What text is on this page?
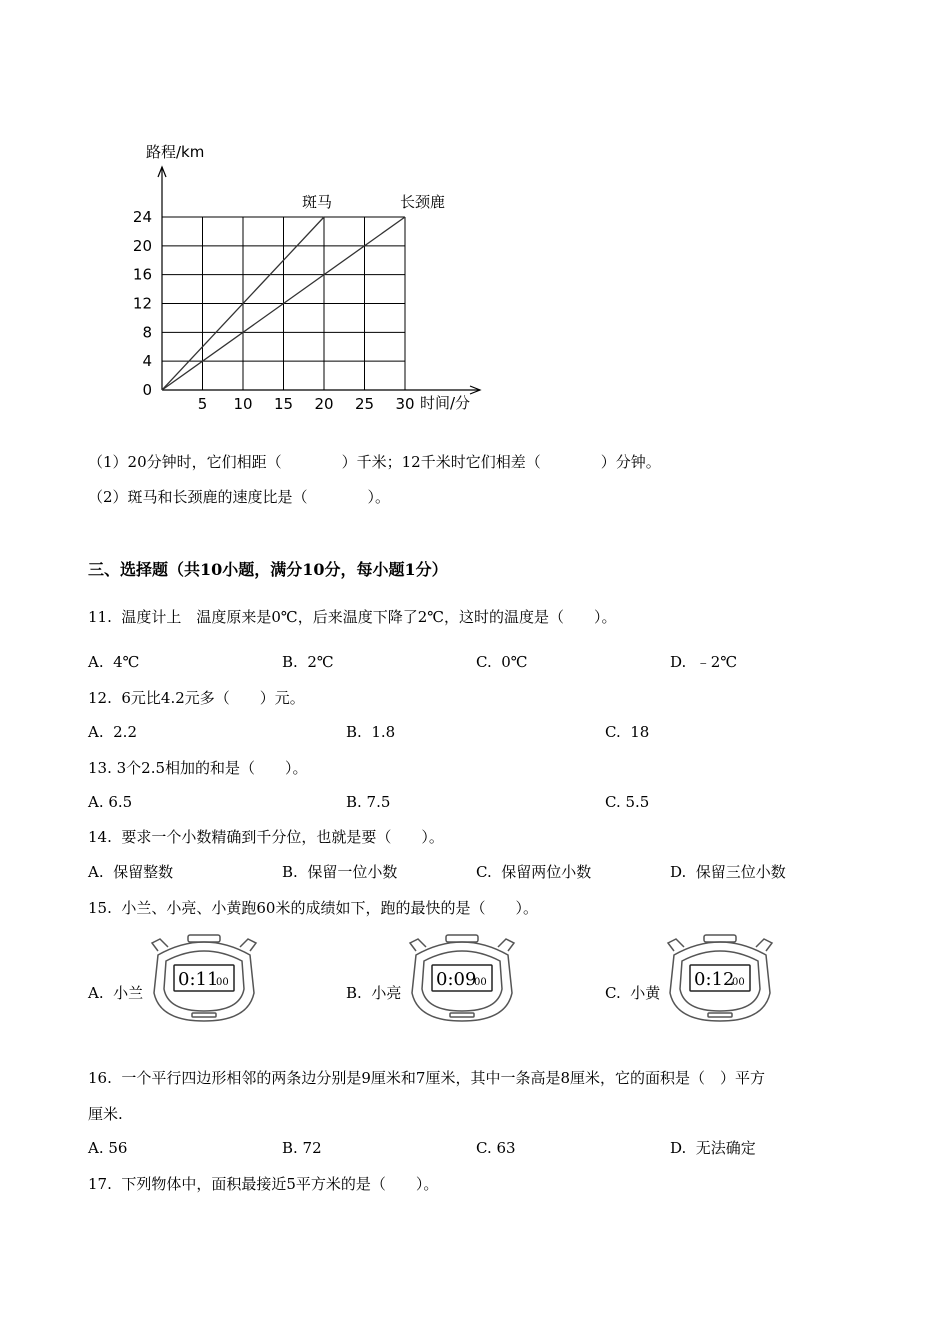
5 10 15 20 25 30
0
4
8
12
16
20
24
路程/km
时间/分
斑马	长颈鹿
（1）20分钟时，它们相距（　　　　）千米；12千米时它们相差（　　　　）分钟。
（2）斑马和长颈鹿的速度比是（　　　　）。
三、选择题（共10小题，满分10分，每小题1分）
11.  温度计上　温度原来是0℃，后来温度下降了2℃，这时的温度是（　　）。
A.  4℃	B.  2℃	C.  0℃	D.  ﹣2℃
12.  6元比4.2元多（　　）元。
A.  2.2	B.  1.8	C.  18
13. 3个2.5相加的和是（　　）。
A. 6.5	B. 7.5	C. 5.5
14.  要求一个小数精确到千分位，也就是要（　　）。
A.  保留整数	B.  保留一位小数	C.  保留两位小数	D.  保留三位小数
15.  小兰、小亮、小黄跑60米的成绩如下，跑的最快的是（　　）。
A.  小兰	B.  小亮	C.  小黄
0:11
00	0:09
00	0:12
00
16.  一个平行四边形相邻的两条边分别是9厘米和7厘米，其中一条高是8厘米，它的面积是（　）平方
厘米.
A. 56	B. 72	C. 63	D.  无法确定
17.  下列物体中，面积最接近5平方米的是（　　）。
